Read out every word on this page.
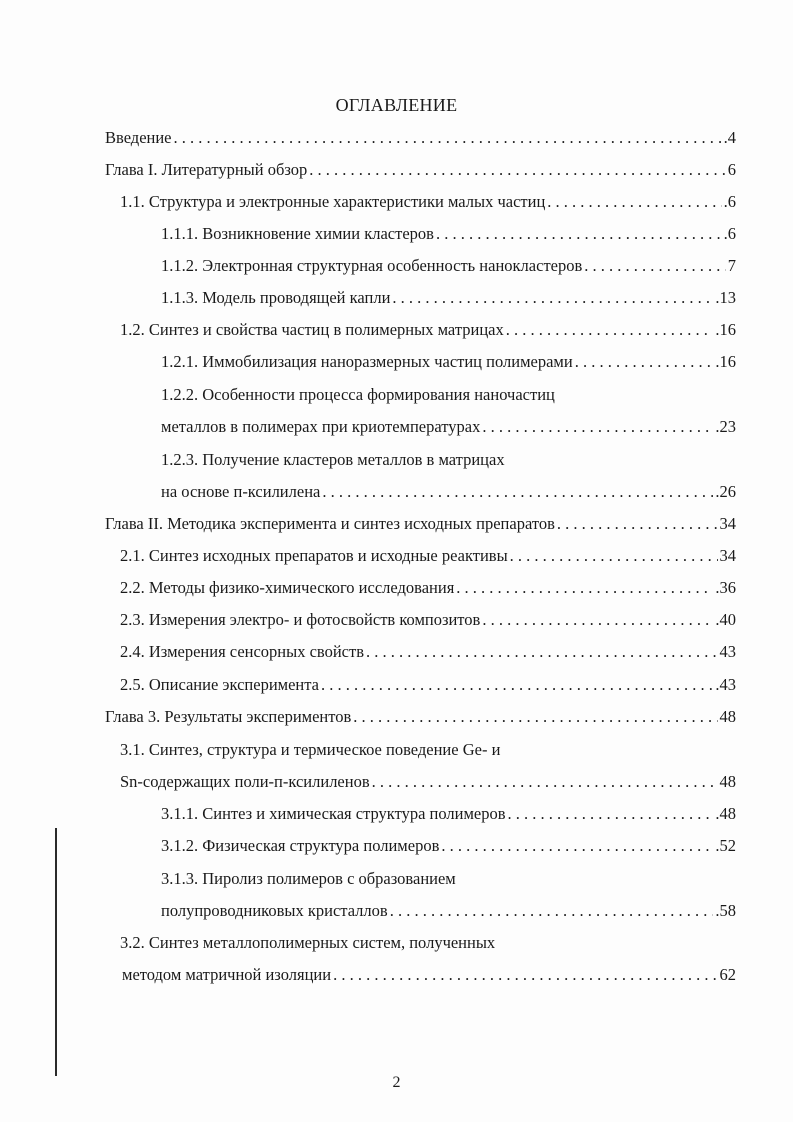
ОГЛАВЛЕНИЕ
Введение . . .	.4
Глава I. Литературный обзор . . .	6
1.1. Структура и электронные характеристики малых частиц . . .	.6
1.1.1. Возникновение химии кластеров . . .	.6
1.1.2. Электронная структурная особенность нанокластеров . . .	7
1.1.3. Модель проводящей капли . . .	.13
1.2. Синтез и свойства частиц в полимерных матрицах . . .	.16
1.2.1. Иммобилизация наноразмерных частиц полимерами . . .	.16
1.2.2. Особенности процесса формирования наночастиц
металлов в полимерах при криотемпературах . . .	.23
1.2.3. Получение кластеров металлов в матрицах
на основе п-ксилилена . . .	.26
Глава II. Методика эксперимента и синтез исходных препаратов . . .	34
2.1. Синтез исходных препаратов и исходные реактивы . . .	34
2.2. Методы физико-химического исследования . . .	.36
2.3. Измерения электро- и фотосвойств композитов . . .	.40
2.4. Измерения сенсорных свойств . . .	43
2.5. Описание эксперимента . . .	.43
Глава 3. Результаты экспериментов . . .	48
3.1. Синтез, структура и термическое поведение Ge- и
Sn-содержащих поли-п-ксилиленов . . .	48
3.1.1. Синтез и химическая структура полимеров . . .	.48
3.1.2. Физическая структура полимеров . . .	.52
3.1.3. Пиролиз полимеров с образованием
полупроводниковых кристаллов . . .	.58
3.2. Синтез металлополимерных систем, полученных
методом матричной изоляции . . .	62
2
